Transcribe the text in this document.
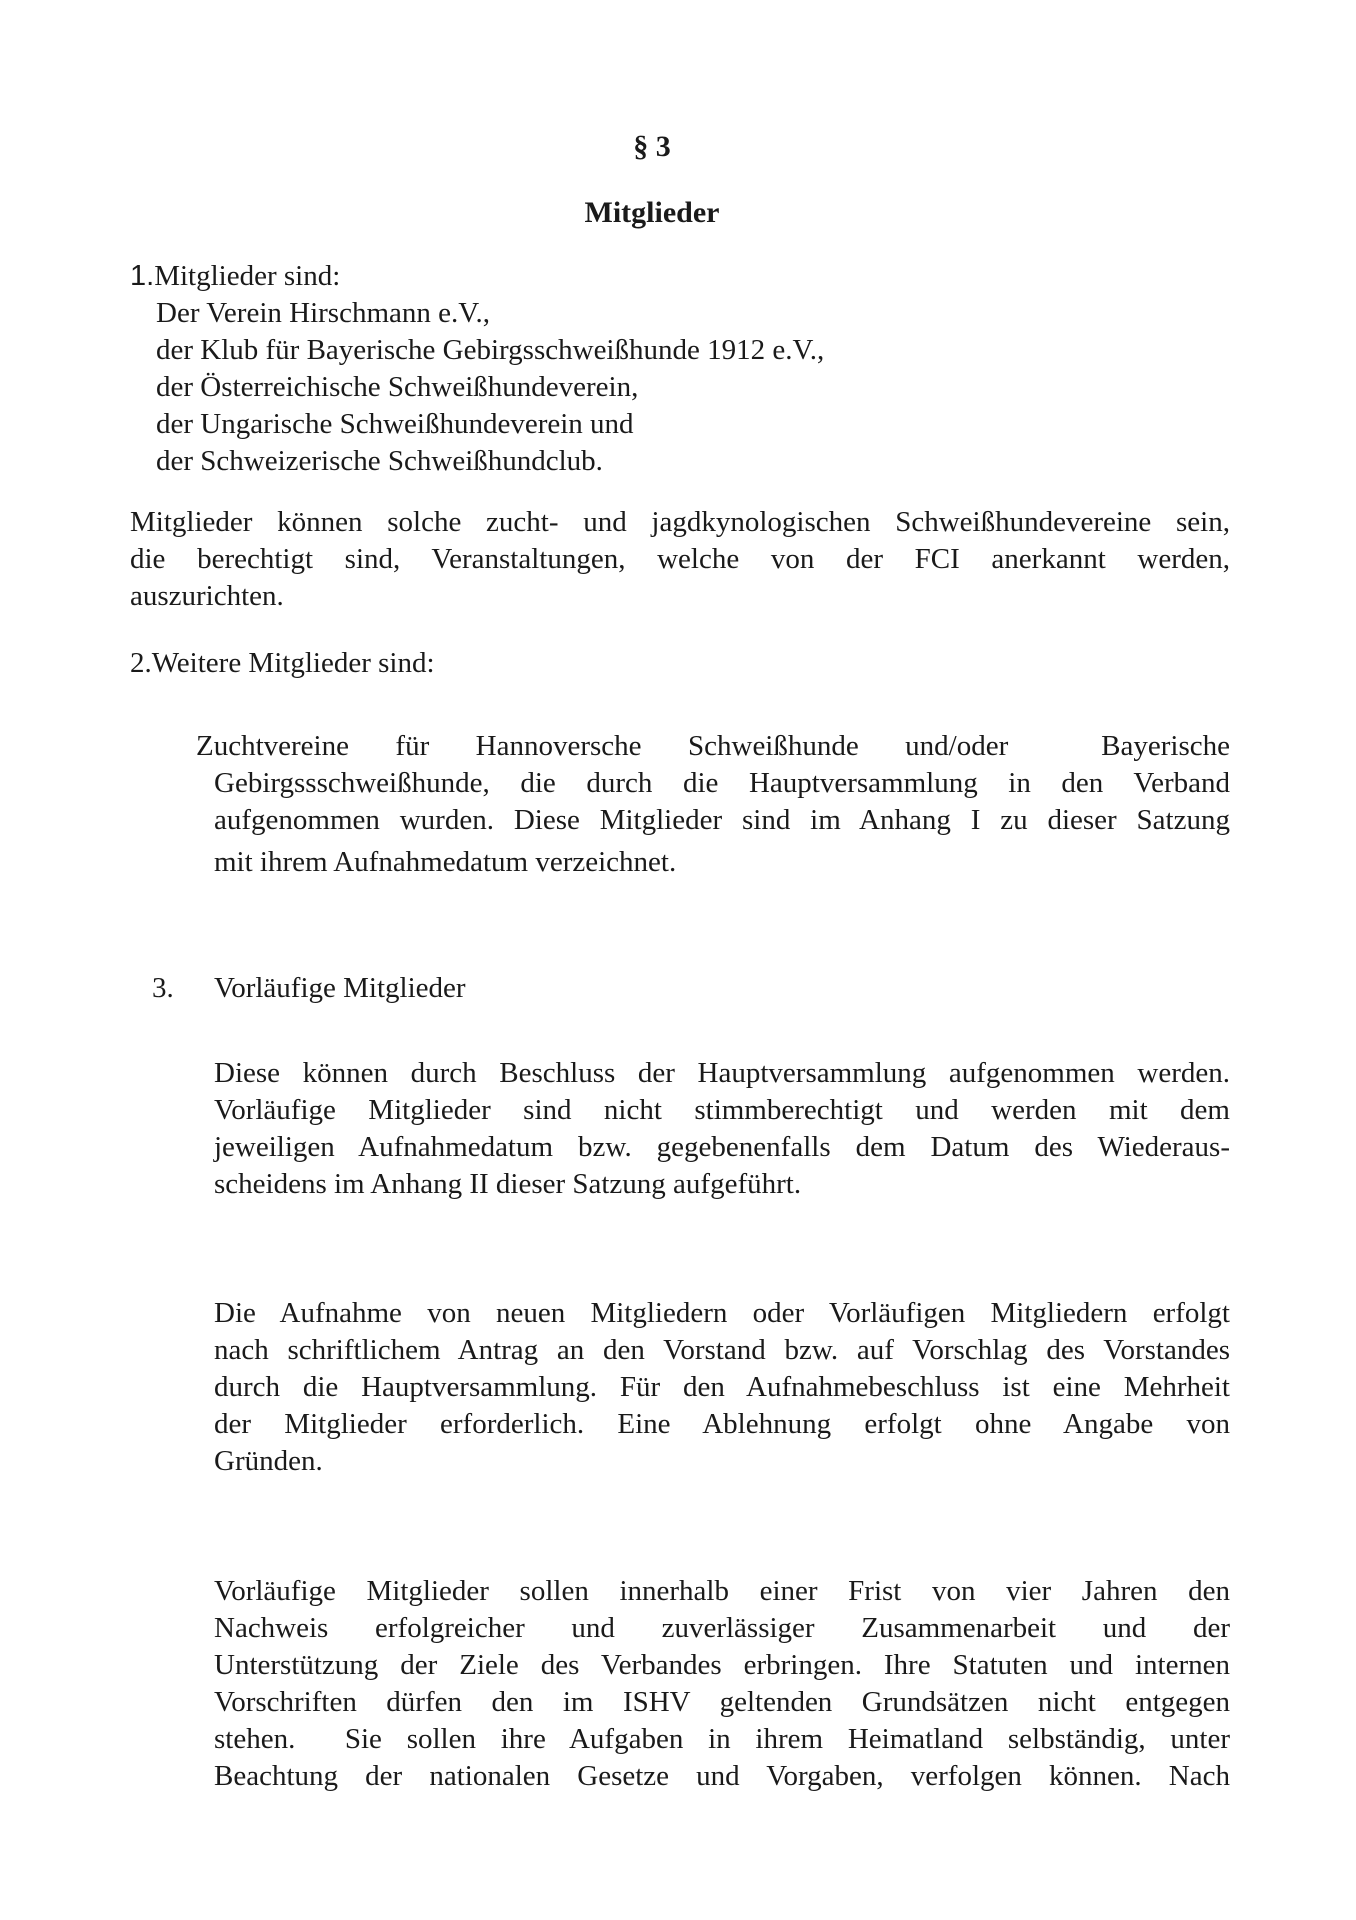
§ 3
Mitglieder
1.Mitglieder sind:
Der Verein Hirschmann e.V.,
der Klub für Bayerische Gebirgsschweißhunde 1912 e.V.,
der Österreichische Schweißhundeverein,
der Ungarische Schweißhundeverein und
der Schweizerische Schweißhundclub.
Mitglieder können solche zucht- und jagdkynologischen Schweißhundevereine sein,
die berechtigt sind, Veranstaltungen, welche von der FCI anerkannt werden,
auszurichten.
2.Weitere Mitglieder sind:
Zuchtvereine für Hannoversche Schweißhunde und/oder  Bayerische
Gebirgssschweißhunde, die durch die Hauptversammlung in den Verband
aufgenommen wurden. Diese Mitglieder sind im Anhang I zu dieser Satzung
mit ihrem Aufnahmedatum verzeichnet.
3. Vorläufige Mitglieder
Diese können durch Beschluss der Hauptversammlung aufgenommen werden.
Vorläufige Mitglieder sind nicht stimmberechtigt und werden mit dem
jeweiligen Aufnahmedatum bzw. gegebenenfalls dem Datum des Wiederaus-
scheidens im Anhang II dieser Satzung aufgeführt.
Die Aufnahme von neuen Mitgliedern oder Vorläufigen Mitgliedern erfolgt
nach schriftlichem Antrag an den Vorstand bzw. auf Vorschlag des Vorstandes
durch die Hauptversammlung. Für den Aufnahmebeschluss ist eine Mehrheit
der Mitglieder erforderlich. Eine Ablehnung erfolgt ohne Angabe von
Gründen.
Vorläufige Mitglieder sollen innerhalb einer Frist von vier Jahren den
Nachweis erfolgreicher und zuverlässiger Zusammenarbeit und der
Unterstützung der Ziele des Verbandes erbringen. Ihre Statuten und internen
Vorschriften dürfen den im ISHV geltenden Grundsätzen nicht entgegen
stehen.  Sie sollen ihre Aufgaben in ihrem Heimatland selbständig, unter
Beachtung der nationalen Gesetze und Vorgaben, verfolgen können. Nach
